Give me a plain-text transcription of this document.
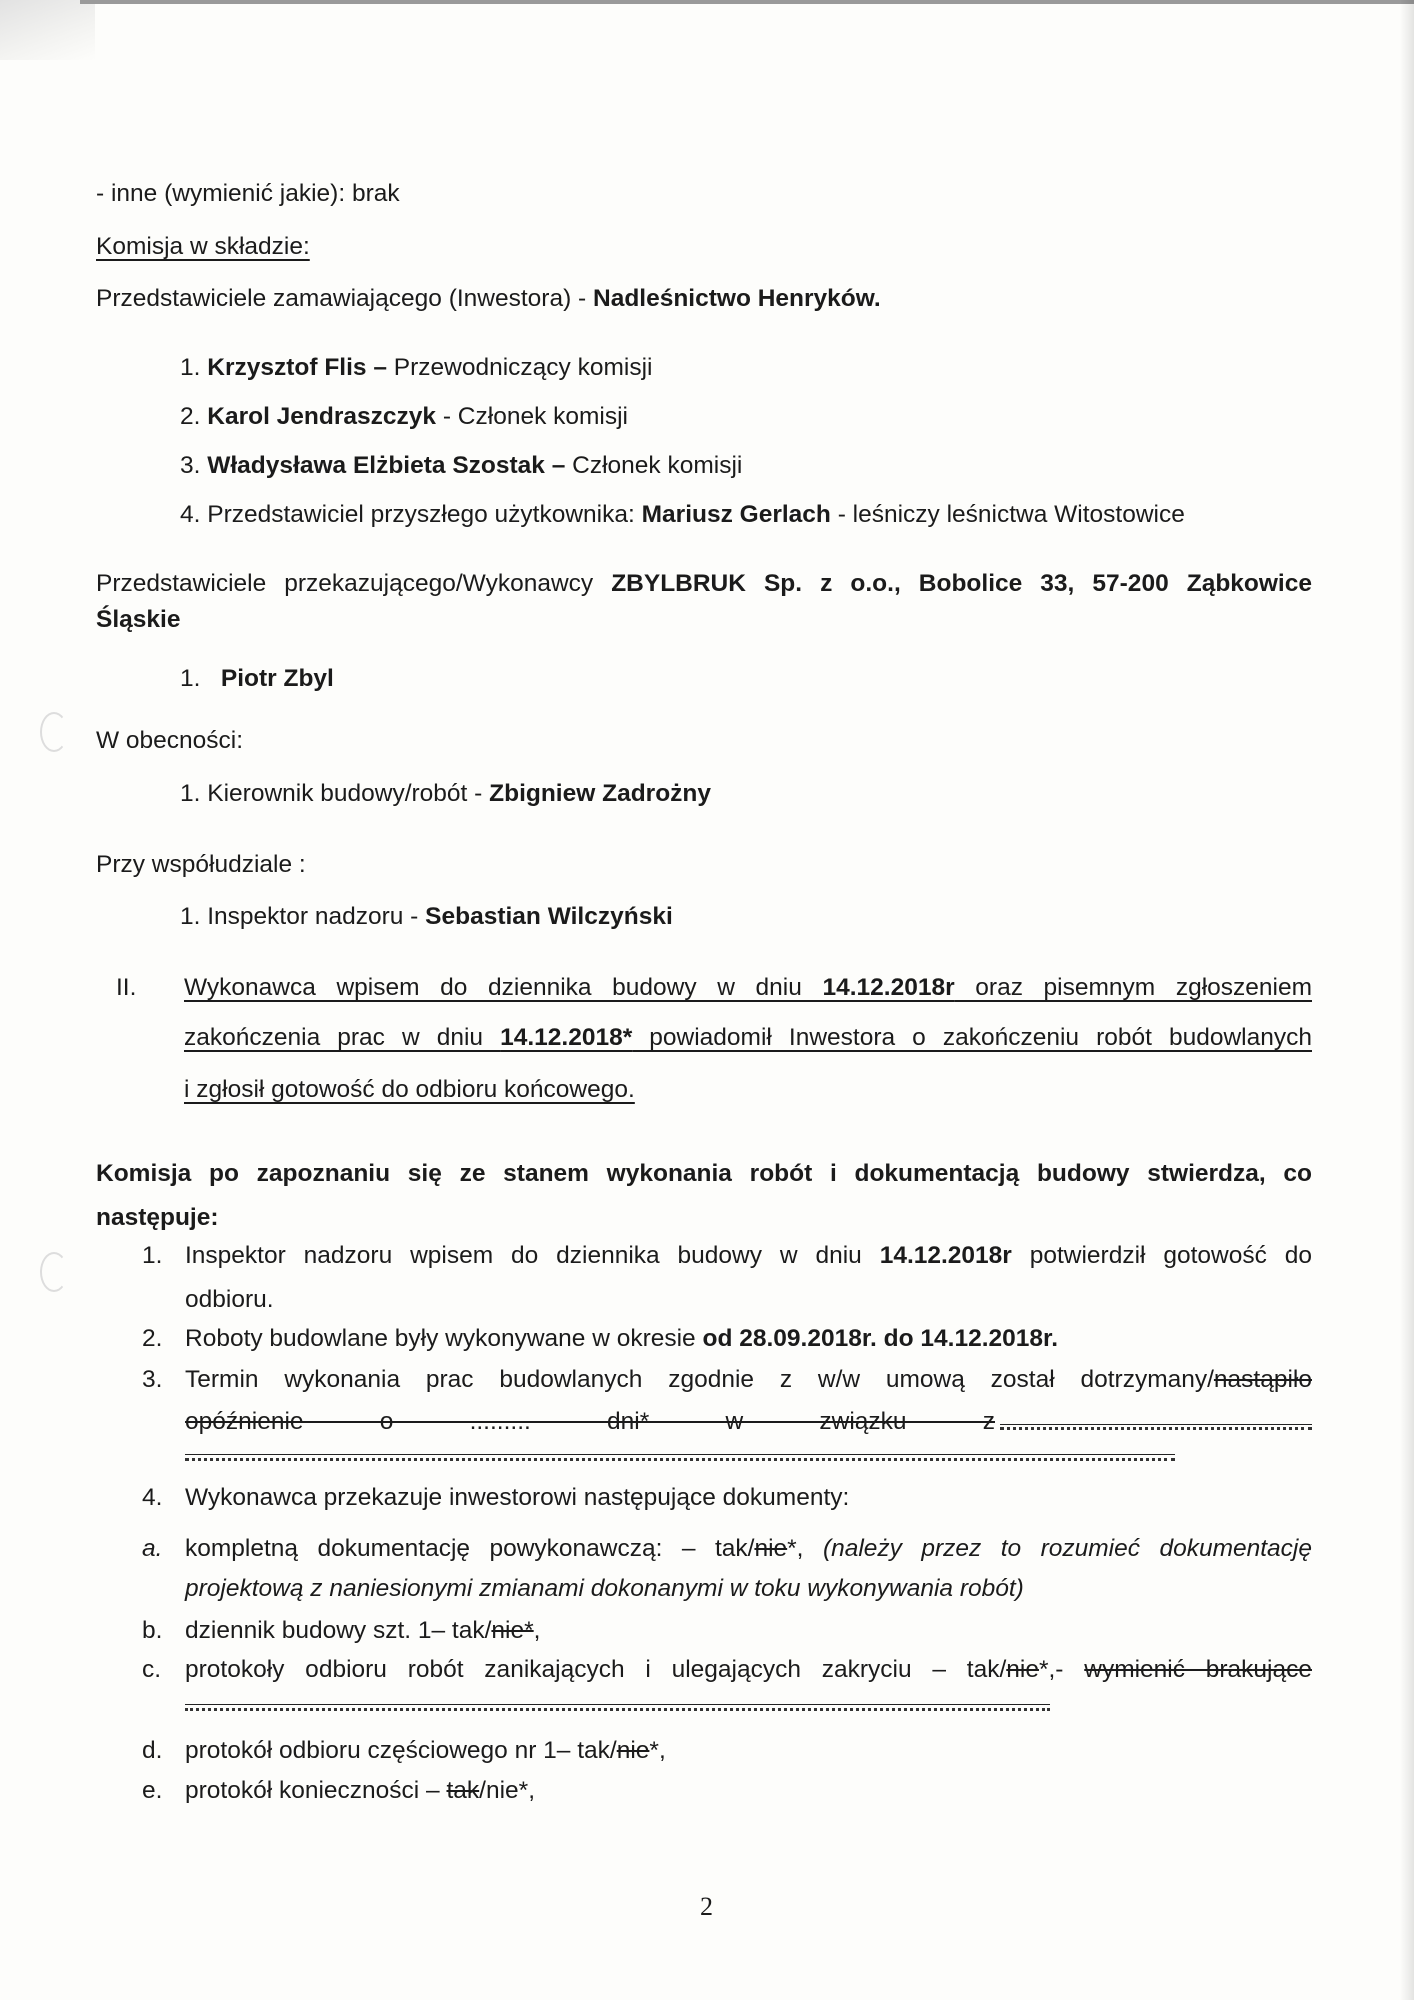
- inne (wymienić jakie): brak
Komisja w składzie:
Przedstawiciele zamawiającego (Inwestora) - Nadleśnictwo Henryków.
1. Krzysztof Flis – Przewodniczący komisji
2. Karol Jendraszczyk - Członek komisji
3. Władysława Elżbieta Szostak – Członek komisji
4. Przedstawiciel przyszłego użytkownika: Mariusz Gerlach - leśniczy leśnictwa Witostowice
Przedstawiciele przekazującego/Wykonawcy ZBYLBRUK Sp. z o.o., Bobolice 33, 57-200 Ząbkowice
Śląskie
1. Piotr Zbyl
W obecności:
1. Kierownik budowy/robót - Zbigniew Zadrożny
Przy współudziale :
1. Inspektor nadzoru - Sebastian Wilczyński
II. Wykonawca wpisem do dziennika budowy w dniu 14.12.2018r oraz pisemnym zgłoszeniem
zakończenia prac w dniu 14.12.2018* powiadomił Inwestora o zakończeniu robót budowlanych
i zgłosił gotowość do odbioru końcowego.
Komisja po zapoznaniu się ze stanem wykonania robót i dokumentacją budowy stwierdza, co
następuje:
1. Inspektor nadzoru wpisem do dziennika budowy w dniu 14.12.2018r potwierdził gotowość do
odbioru.
2. Roboty budowlane były wykonywane w okresie od 28.09.2018r. do 14.12.2018r.
3. Termin wykonania prac budowlanych zgodnie z w/w umową został dotrzymany/nastąpiło
opóźnienie o ......... dni* w związku z
4. Wykonawca przekazuje inwestorowi następujące dokumenty:
a. kompletną dokumentację powykonawczą: – tak/nie*, (należy przez to rozumieć dokumentację
projektową z naniesionymi zmianami dokonanymi w toku wykonywania robót)
b. dziennik budowy szt. 1– tak/nie*,
c. protokoły odbioru robót zanikających i ulegających zakryciu – tak/nie*,- wymienić brakujące
d. protokół odbioru częściowego nr 1– tak/nie*,
e. protokół konieczności – tak/nie*,
2
